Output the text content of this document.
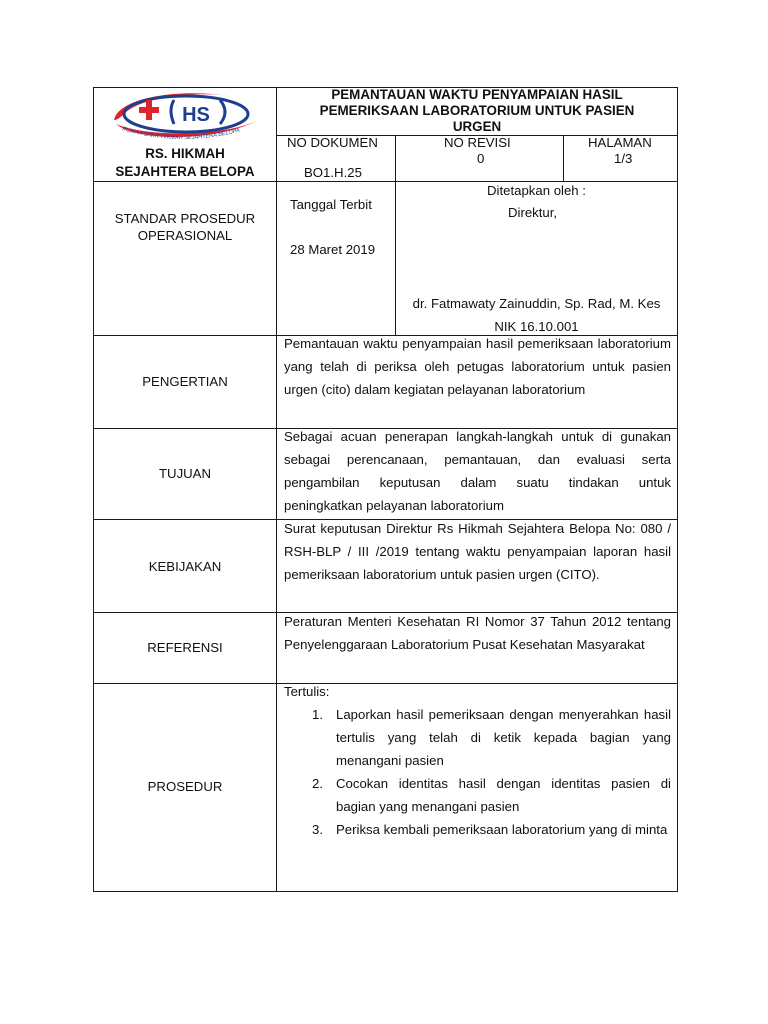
HS
RUMAH SAKIT HIKMAH SEJAHTERA BELOPA
RS. HIKMAH
SEJAHTERA BELOPA
PEMANTAUAN WAKTU PENYAMPAIAN HASIL
PEMERIKSAAN LABORATORIUM UNTUK PASIEN
URGEN
NO DOKUMEN
BO1.H.25
NO REVISI
0
HALAMAN
1/3
STANDAR PROSEDUR
OPERASIONAL
Tanggal Terbit
28 Maret 2019
Ditetapkan oleh :
Direktur,
dr. Fatmawaty Zainuddin, Sp. Rad, M. Kes
NIK 16.10.001
PENGERTIAN
Pemantauan waktu penyampaian hasil pemeriksaan laboratorium yang telah di periksa oleh petugas laboratorium untuk pasien urgen (cito) dalam kegiatan pelayanan laboratorium
TUJUAN
Sebagai acuan penerapan langkah-langkah untuk di gunakan sebagai perencanaan, pemantauan, dan evaluasi serta pengambilan keputusan dalam suatu tindakan untuk peningkatkan pelayanan laboratorium
KEBIJAKAN
Surat keputusan Direktur Rs Hikmah Sejahtera Belopa No: 080 / RSH-BLP / III /2019 tentang waktu penyampaian laporan hasil pemeriksaan laboratorium untuk pasien urgen (CITO).
REFERENSI
Peraturan Menteri Kesehatan RI Nomor 37 Tahun 2012 tentang Penyelenggaraan Laboratorium Pusat Kesehatan Masyarakat
PROSEDUR
Tertulis:
1. Laporkan hasil pemeriksaan dengan menyerahkan hasil tertulis yang telah di ketik kepada bagian yang menangani pasien
2. Cocokan identitas hasil dengan identitas pasien di bagian yang menangani pasien
3. Periksa kembali pemeriksaan laboratorium yang di minta
